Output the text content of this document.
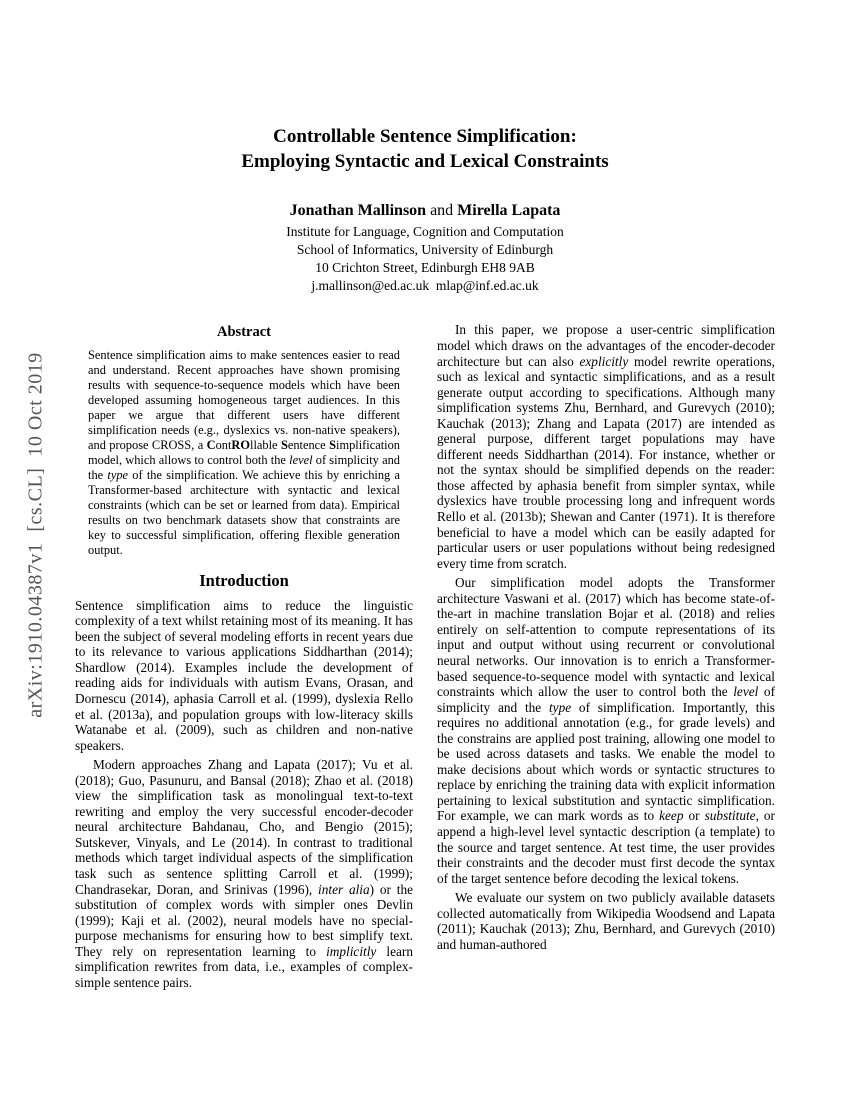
arXiv:1910.04387v1  [cs.CL]  10 Oct 2019
Controllable Sentence Simplification:
Employing Syntactic and Lexical Constraints
Jonathan Mallinson and Mirella Lapata
Institute for Language, Cognition and Computation
School of Informatics, University of Edinburgh
10 Crichton Street, Edinburgh EH8 9AB
j.mallinson@ed.ac.uk  mlap@inf.ed.ac.uk
Abstract

Sentence simplification aims to make sentences easier to read and understand. Recent approaches have shown promising results with sequence-to-sequence models which have been developed assuming homogeneous target audiences. In this paper we argue that different users have different simplification needs (e.g., dyslexics vs. non-native speakers), and propose CROSS, a ContROllable Sentence Simplification model, which allows to control both the level of simplicity and the type of the simplification. We achieve this by enriching a Transformer-based architecture with syntactic and lexical constraints (which can be set or learned from data). Empirical results on two benchmark datasets show that constraints are key to successful simplification, offering flexible generation output.

Introduction

Sentence simplification aims to reduce the linguistic complexity of a text whilst retaining most of its meaning. It has been the subject of several modeling efforts in recent years due to its relevance to various applications Siddharthan (2014); Shardlow (2014). Examples include the development of reading aids for individuals with autism Evans, Orasan, and Dornescu (2014), aphasia Carroll et al. (1999), dyslexia Rello et al. (2013a), and population groups with low-literacy skills Watanabe et al. (2009), such as children and non-native speakers.

Modern approaches Zhang and Lapata (2017); Vu et al. (2018); Guo, Pasunuru, and Bansal (2018); Zhao et al. (2018) view the simplification task as monolingual text-to-text rewriting and employ the very successful encoder-decoder neural architecture Bahdanau, Cho, and Bengio (2015); Sutskever, Vinyals, and Le (2014). In contrast to traditional methods which target individual aspects of the simplification task such as sentence splitting Carroll et al. (1999); Chandrasekar, Doran, and Srinivas (1996), inter alia) or the substitution of complex words with simpler ones Devlin (1999); Kaji et al. (2002), neural models have no special-purpose mechanisms for ensuring how to best simplify text. They rely on representation learning to implicitly learn simplification rewrites from data, i.e., examples of complex-simple sentence pairs.

In this paper, we propose a user-centric simplification model which draws on the advantages of the encoder-decoder architecture but can also explicitly model rewrite operations, such as lexical and syntactic simplifications, and as a result generate output according to specifications. Although many simplification systems Zhu, Bernhard, and Gurevych (2010); Kauchak (2013); Zhang and Lapata (2017) are intended as general purpose, different target populations may have different needs Siddharthan (2014). For instance, whether or not the syntax should be simplified depends on the reader: those affected by aphasia benefit from simpler syntax, while dyslexics have trouble processing long and infrequent words Rello et al. (2013b); Shewan and Canter (1971). It is therefore beneficial to have a model which can be easily adapted for particular users or user populations without being redesigned every time from scratch.

Our simplification model adopts the Transformer architecture Vaswani et al. (2017) which has become state-of-the-art in machine translation Bojar et al. (2018) and relies entirely on self-attention to compute representations of its input and output without using recurrent or convolutional neural networks. Our innovation is to enrich a Transformer-based sequence-to-sequence model with syntactic and lexical constraints which allow the user to control both the level of simplicity and the type of simplification. Importantly, this requires no additional annotation (e.g., for grade levels) and the constrains are applied post training, allowing one model to be used across datasets and tasks. We enable the model to make decisions about which words or syntactic structures to replace by enriching the training data with explicit information pertaining to lexical substitution and syntactic simplification. For example, we can mark words as to keep or substitute, or append a high-level level syntactic description (a template) to the source and target sentence. At test time, the user provides their constraints and the decoder must first decode the syntax of the target sentence before decoding the lexical tokens.

We evaluate our system on two publicly available datasets collected automatically from Wikipedia Woodsend and Lapata (2011); Kauchak (2013); Zhu, Bernhard, and Gurevych (2010) and human-authored
